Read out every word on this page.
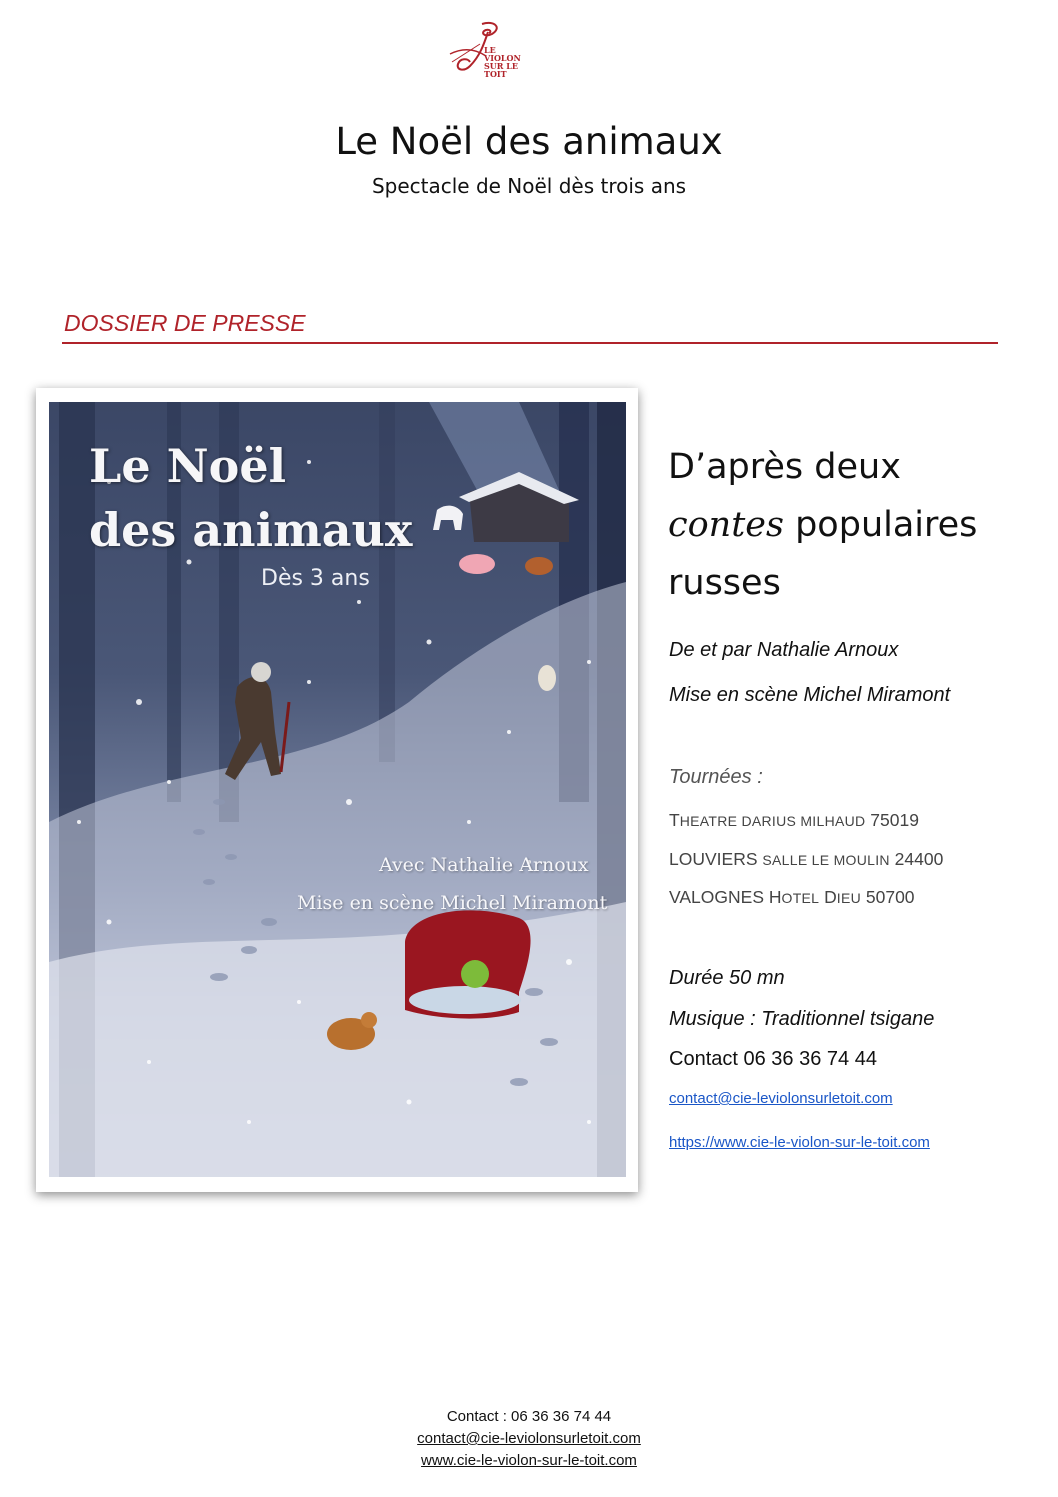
LE VIOLON SUR LE TOIT
Le Noël des animaux
Spectacle de Noël dès trois ans
DOSSIER DE PRESSE
Le Noël
des animaux
Dès 3 ans
Avec Nathalie Arnoux
Mise en scène Michel Miramont
D’après deux
contes populaires
russes
De et par Nathalie Arnoux
Mise en scène Michel Miramont
Tournées :
THEATRE DARIUS MILHAUD 75019
LOUVIERS SALLE LE MOULIN 24400
VALOGNES HOTEL DIEU 50700
Durée 50 mn
Musique : Traditionnel tsigane
Contact 06 36 36 74 44
contact@cie-leviolonsurletoit.com
https://www.cie-le-violon-sur-le-toit.com
Contact : 06 36 36 74 44
contact@cie-leviolonsurletoit.com
www.cie-le-violon-sur-le-toit.com
